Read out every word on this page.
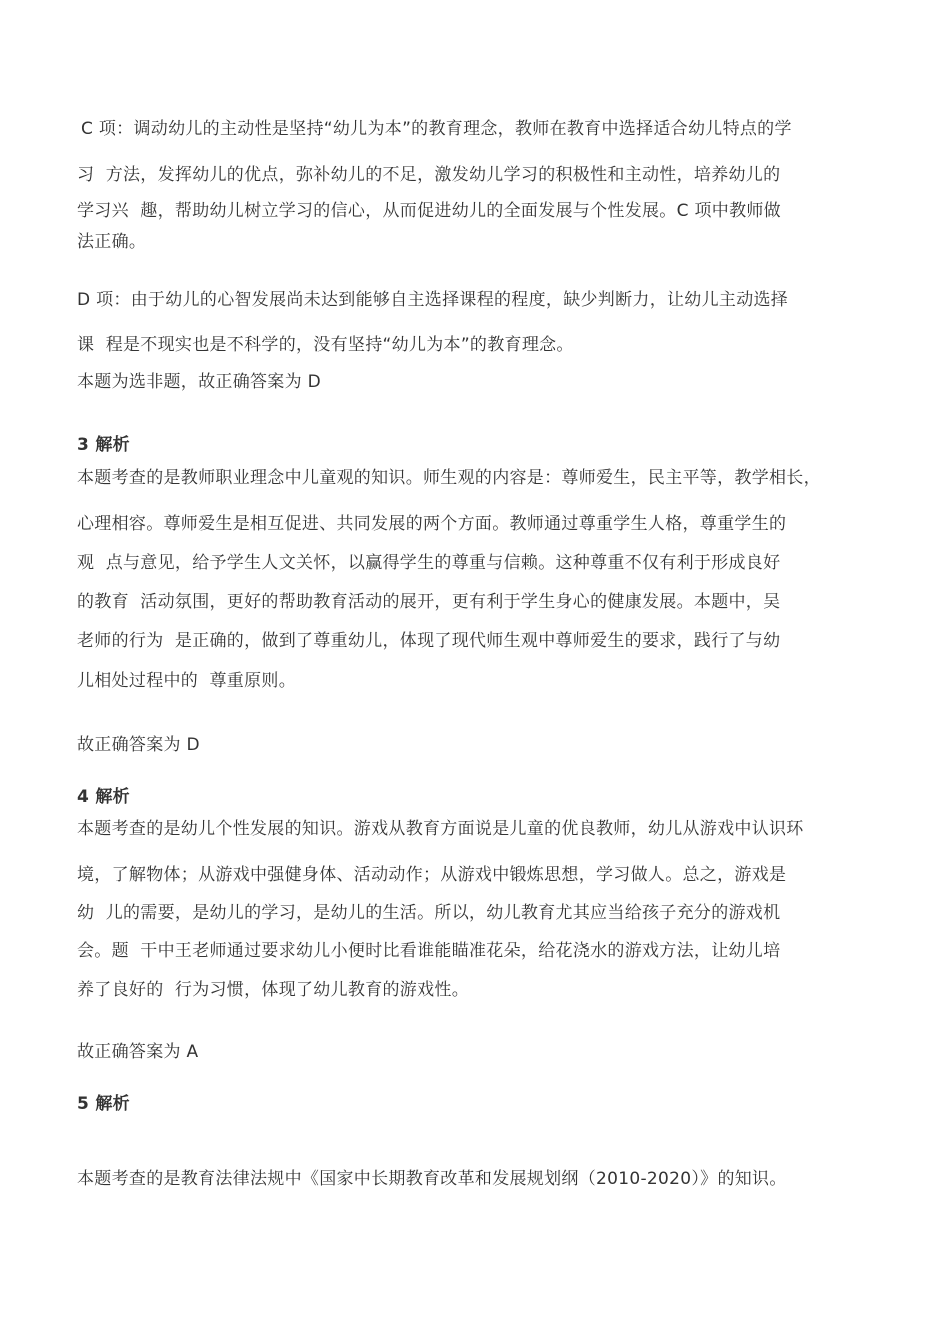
C 项：调动幼儿的主动性是坚持“幼儿为本”的教育理念，教师在教育中选择适合幼儿特点的学
习  方法，发挥幼儿的优点，弥补幼儿的不足，激发幼儿学习的积极性和主动性，培养幼儿的
学习兴  趣，帮助幼儿树立学习的信心，从而促进幼儿的全面发展与个性发展。C 项中教师做
法正确。
D 项：由于幼儿的心智发展尚未达到能够自主选择课程的程度，缺少判断力，让幼儿主动选择
课  程是不现实也是不科学的，没有坚持“幼儿为本”的教育理念。
本题为选非题，故正确答案为 D
3 解析
本题考查的是教师职业理念中儿童观的知识。师生观的内容是：尊师爱生，民主平等，教学相长，
心理相容。尊师爱生是相互促进、共同发展的两个方面。教师通过尊重学生人格，尊重学生的
观  点与意见，给予学生人文关怀，以赢得学生的尊重与信赖。这种尊重不仅有利于形成良好
的教育  活动氛围，更好的帮助教育活动的展开，更有利于学生身心的健康发展。本题中，吴
老师的行为  是正确的，做到了尊重幼儿，体现了现代师生观中尊师爱生的要求，践行了与幼
儿相处过程中的  尊重原则。
故正确答案为 D
4 解析
本题考查的是幼儿个性发展的知识。游戏从教育方面说是儿童的优良教师，幼儿从游戏中认识环
境，了解物体；从游戏中强健身体、活动动作；从游戏中锻炼思想，学习做人。总之，游戏是
幼  儿的需要，是幼儿的学习，是幼儿的生活。所以，幼儿教育尤其应当给孩子充分的游戏机
会。题  干中王老师通过要求幼儿小便时比看谁能瞄准花朵，给花浇水的游戏方法，让幼儿培
养了良好的  行为习惯，体现了幼儿教育的游戏性。
故正确答案为 A
5 解析
本题考查的是教育法律法规中《国家中长期教育改革和发展规划纲（2010-2020）》的知识。
